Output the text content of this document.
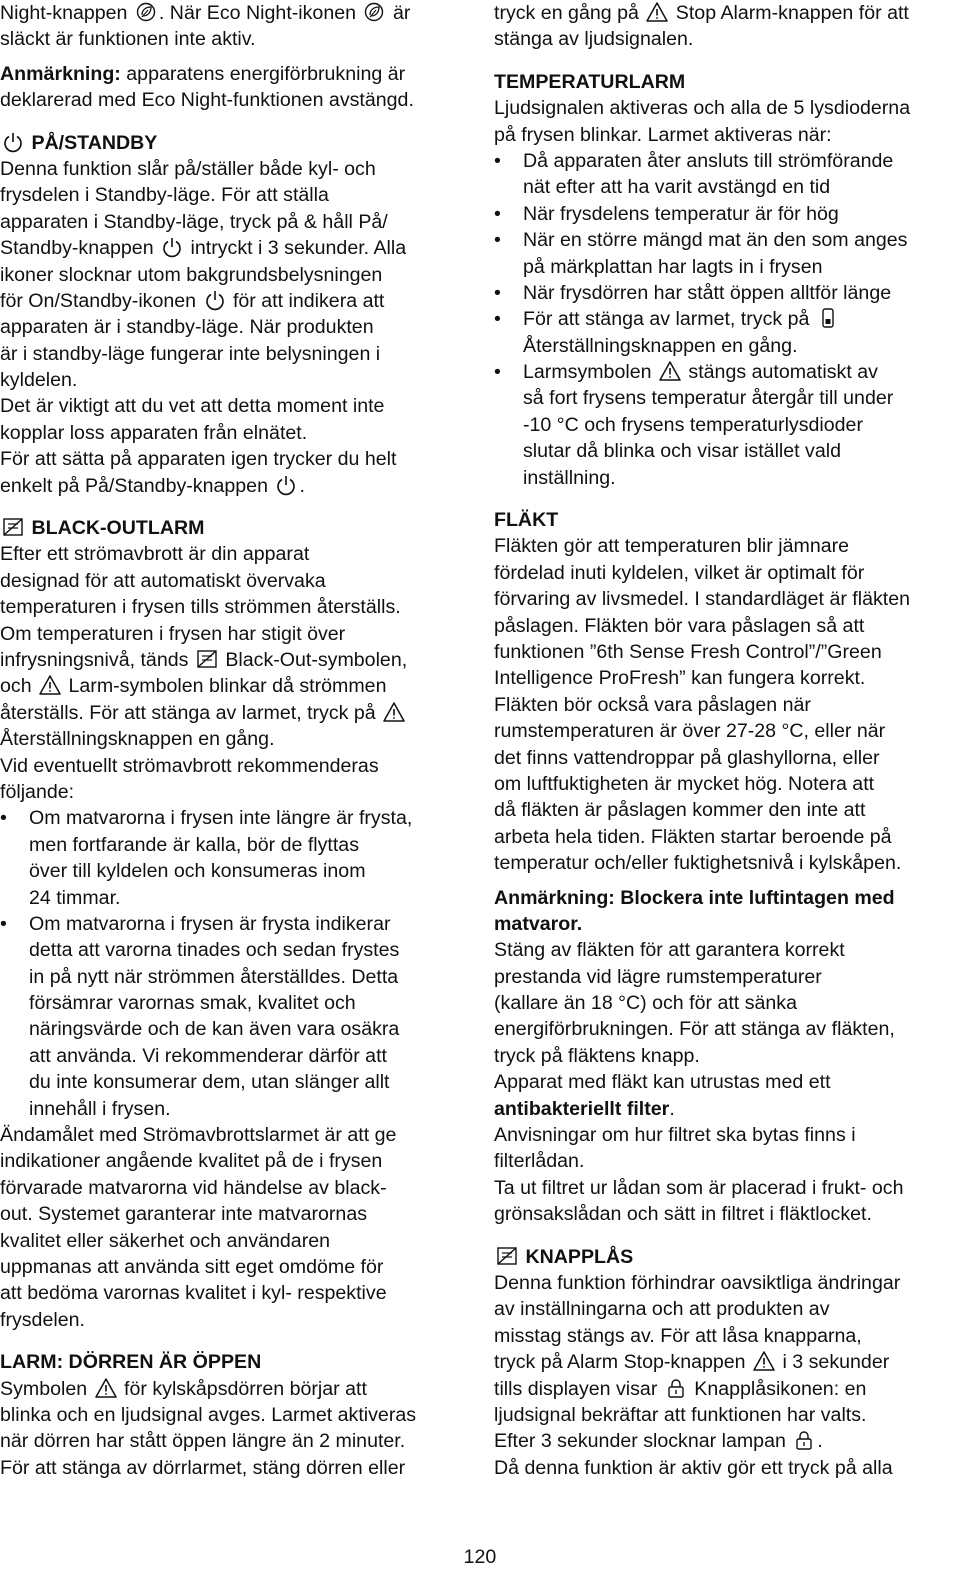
Night-knappen . När Eco Night-ikonen är
släckt är funktionen inte aktiv.
Anmärkning: apparatens energiförbrukning är
deklarerad med Eco Night-funktionen avstängd.
PÅ/STANDBY
Denna funktion slår på/ställer både kyl- och
frysdelen i Standby-läge. För att ställa
apparaten i Standby-läge, tryck på & håll På/
Standby-knappen intryckt i 3 sekunder. Alla
ikoner slocknar utom bakgrundsbelysningen
för On/Standby-ikonen för att indikera att
apparaten är i standby-läge. När produkten
är i standby-läge fungerar inte belysningen i
kyldelen.
Det är viktigt att du vet att detta moment inte
kopplar loss apparaten från elnätet.
För att sätta på apparaten igen trycker du helt
enkelt på På/Standby-knappen .
BLACK-OUTLARM
Efter ett strömavbrott är din apparat
designad för att automatiskt övervaka
temperaturen i frysen tills strömmen återställs.
Om temperaturen i frysen har stigit över
infrysningsnivå, tänds Black-Out-symbolen,
och Larm-symbolen blinkar då strömmen
återställs. För att stänga av larmet, tryck på
Återställningsknappen en gång.
Vid eventuellt strömavbrott rekommenderas
följande:
• Om matvarorna i frysen inte längre är frysta,
men fortfarande är kalla, bör de flyttas
över till kyldelen och konsumeras inom
24 timmar.
• Om matvarorna i frysen är frysta indikerar
detta att varorna tinades och sedan frystes
in på nytt när strömmen återställdes. Detta
försämrar varornas smak, kvalitet och
näringsvärde och de kan även vara osäkra
att använda. Vi rekommenderar därför att
du inte konsumerar dem, utan slänger allt
innehåll i frysen.
Ändamålet med Strömavbrottslarmet är att ge
indikationer angående kvalitet på de i frysen
förvarade matvarorna vid händelse av black-
out. Systemet garanterar inte matvarornas
kvalitet eller säkerhet och användaren
uppmanas att använda sitt eget omdöme för
att bedöma varornas kvalitet i kyl- respektive
frysdelen.
LARM: DÖRREN ÄR ÖPPEN
Symbolen för kylskåpsdörren börjar att
blinka och en ljudsignal avges. Larmet aktiveras
när dörren har stått öppen längre än 2 minuter.
För att stänga av dörrlarmet, stäng dörren eller
tryck en gång på Stop Alarm-knappen för att
stänga av ljudsignalen.
TEMPERATURLARM
Ljudsignalen aktiveras och alla de 5 lysdioderna
på frysen blinkar. Larmet aktiveras när:
• Då apparaten åter ansluts till strömförande
nät efter att ha varit avstängd en tid
• När frysdelens temperatur är för hög
• När en större mängd mat än den som anges
på märkplattan har lagts in i frysen
• När frysdörren har stått öppen alltför länge
• För att stänga av larmet, tryck på
Återställningsknappen en gång.
• Larmsymbolen stängs automatiskt av
så fort frysens temperatur återgår till under
-10 °C och frysens temperaturlysdioder
slutar då blinka och visar istället vald
inställning.
FLÄKT
Fläkten gör att temperaturen blir jämnare
fördelad inuti kyldelen, vilket är optimalt för
förvaring av livsmedel. I standardläget är fläkten
påslagen. Fläkten bör vara påslagen så att
funktionen ”6th Sense Fresh Control”/”Green
Intelligence ProFresh” kan fungera korrekt.
Fläkten bör också vara påslagen när
rumstemperaturen är över 27-28 °C, eller när
det finns vattendroppar på glashyllorna, eller
om luftfuktigheten är mycket hög. Notera att
då fläkten är påslagen kommer den inte att
arbeta hela tiden. Fläkten startar beroende på
temperatur och/eller fuktighetsnivå i kylskåpen.
Anmärkning: Blockera inte luftintagen med
matvaror.
Stäng av fläkten för att garantera korrekt
prestanda vid lägre rumstemperaturer
(kallare än 18 °C) och för att sänka
energiförbrukningen. För att stänga av fläkten,
tryck på fläktens knapp.
Apparat med fläkt kan utrustas med ett
antibakteriellt filter.
Anvisningar om hur filtret ska bytas finns i
filterlådan.
Ta ut filtret ur lådan som är placerad i frukt- och
grönsakslådan och sätt in filtret i fläktlocket.
KNAPPLÅS
Denna funktion förhindrar oavsiktliga ändringar
av inställningarna och att produkten av
misstag stängs av. För att låsa knapparna,
tryck på Alarm Stop-knappen i 3 sekunder
tills displayen visar Knapplåsikonen: en
ljudsignal bekräftar att funktionen har valts.
Efter 3 sekunder slocknar lampan .
Då denna funktion är aktiv gör ett tryck på alla
120
